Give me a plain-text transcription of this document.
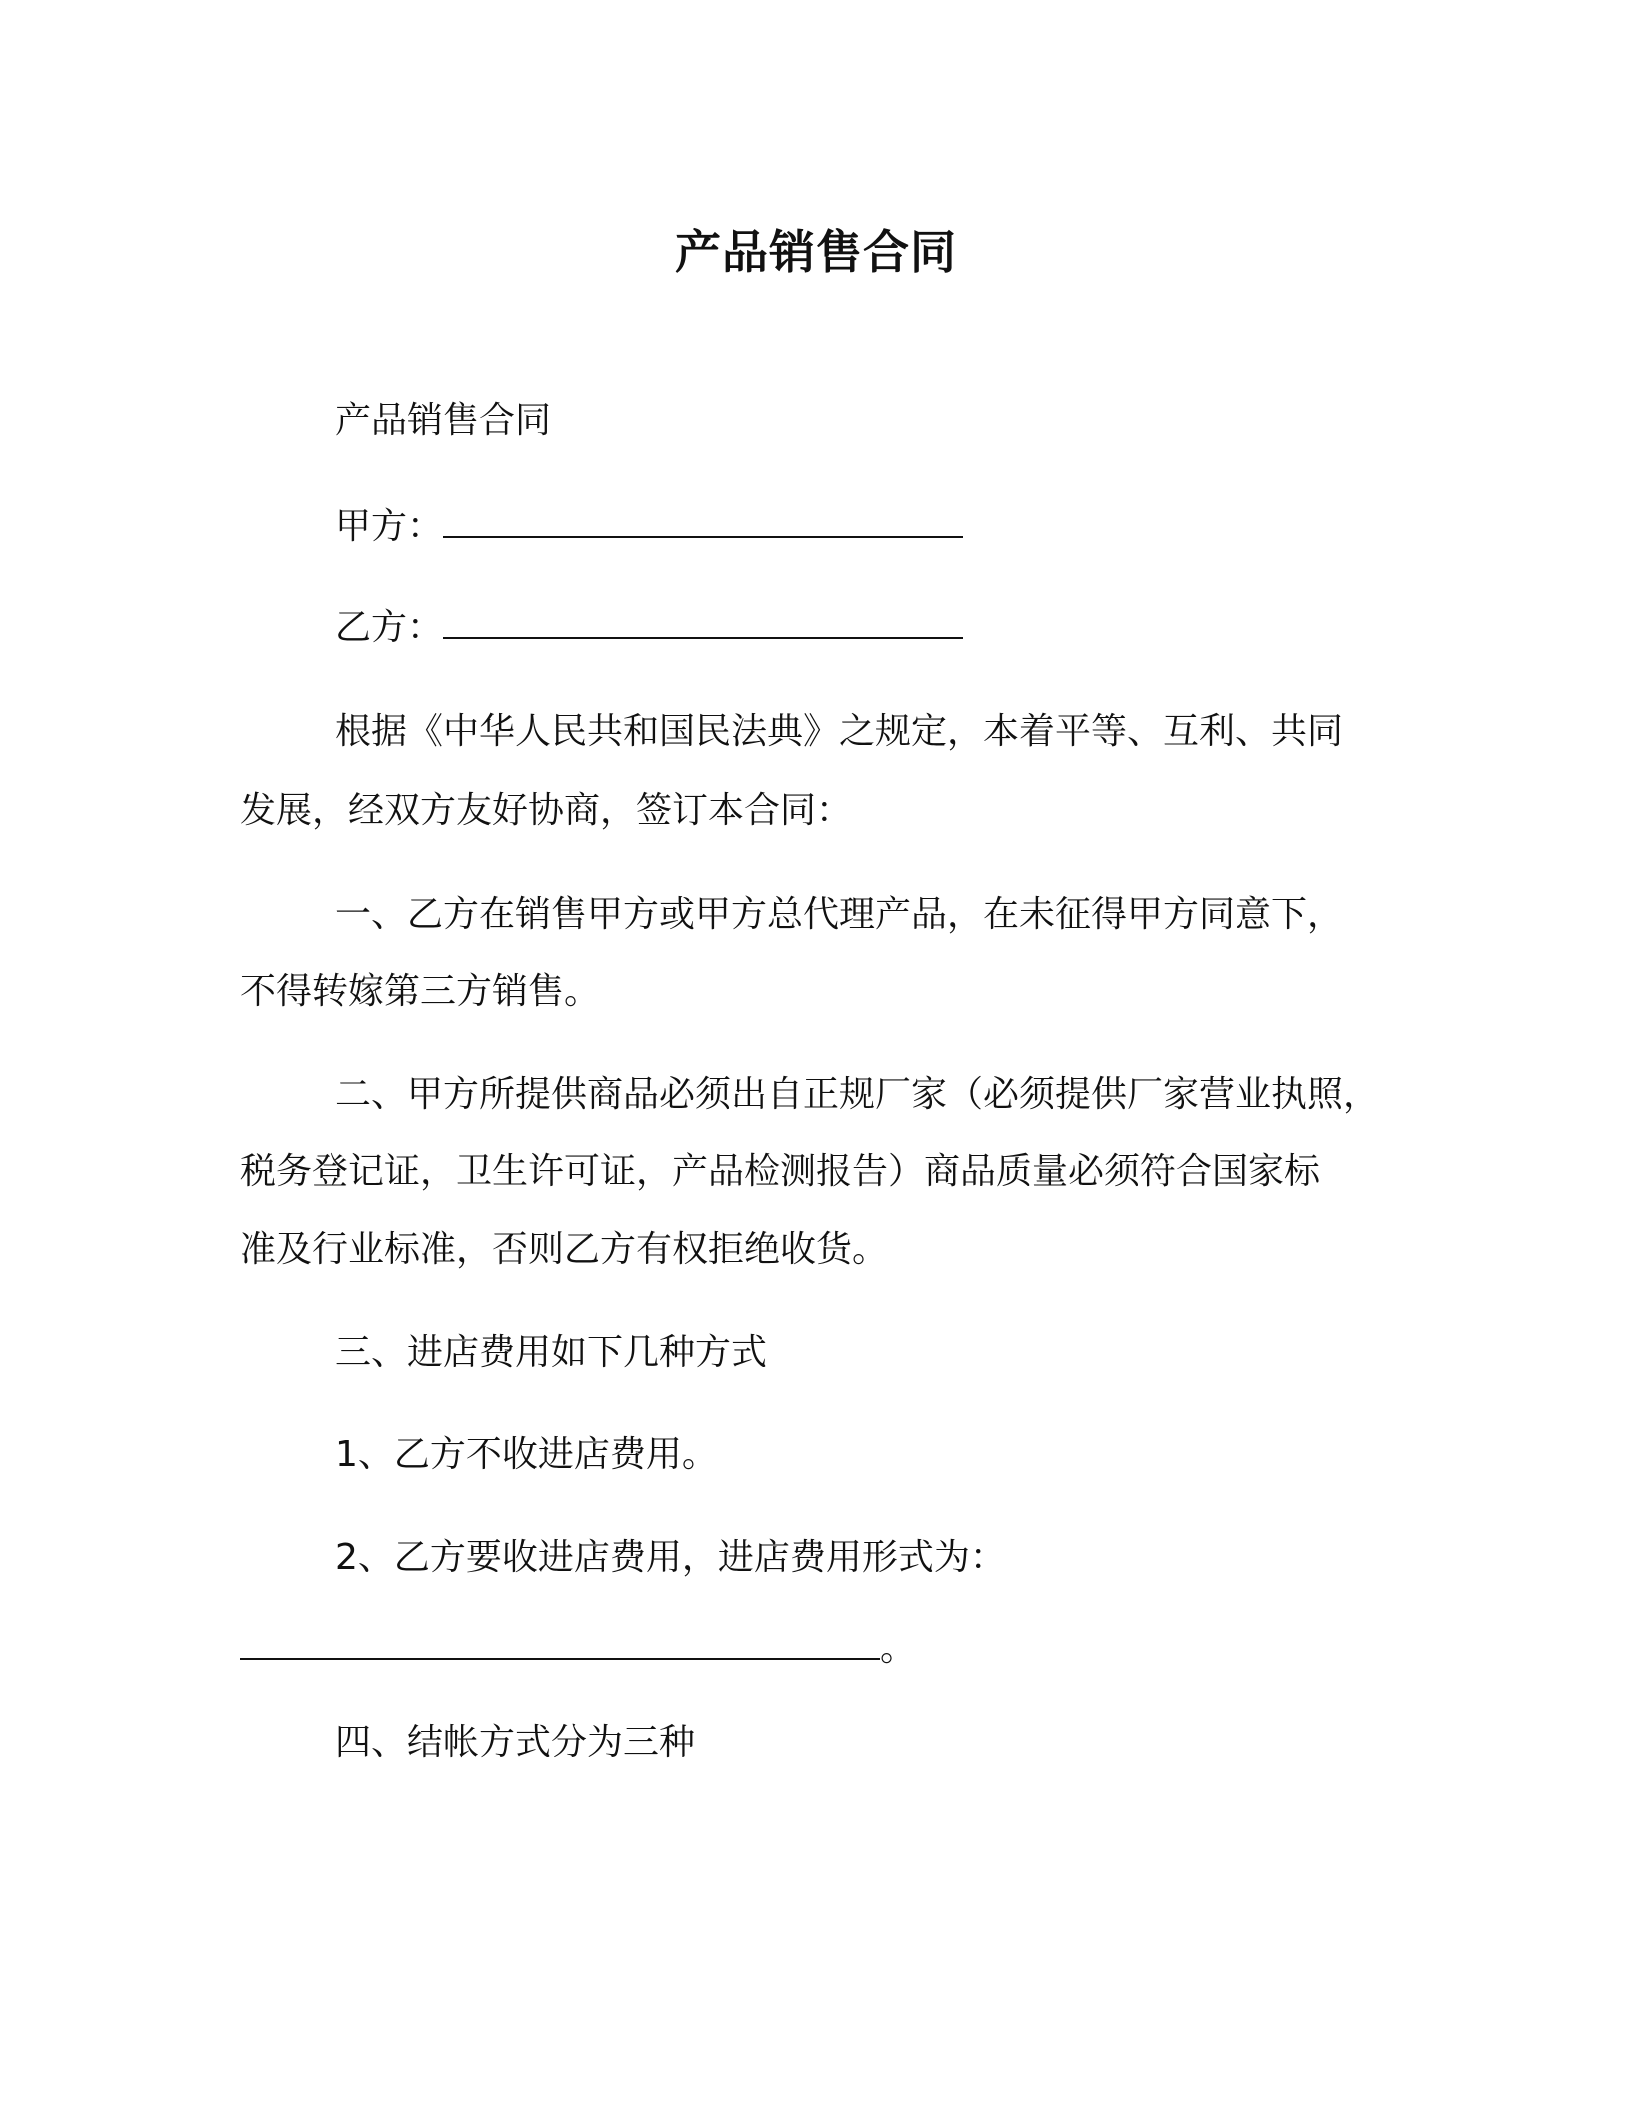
产品销售合同
产品销售合同
甲方：
乙方：
根据《中华人民共和国民法典》之规定，本着平等、互利、共同
发展，经双方友好协商，签订本合同：
一、乙方在销售甲方或甲方总代理产品，在未征得甲方同意下，
不得转嫁第三方销售。
二、甲方所提供商品必须出自正规厂家（必须提供厂家营业执照，
税务登记证，卫生许可证，产品检测报告）商品质量必须符合国家标
准及行业标准，否则乙方有权拒绝收货。
三、进店费用如下几种方式
1、乙方不收进店费用。
2、乙方要收进店费用，进店费用形式为：
。
四、结帐方式分为三种
